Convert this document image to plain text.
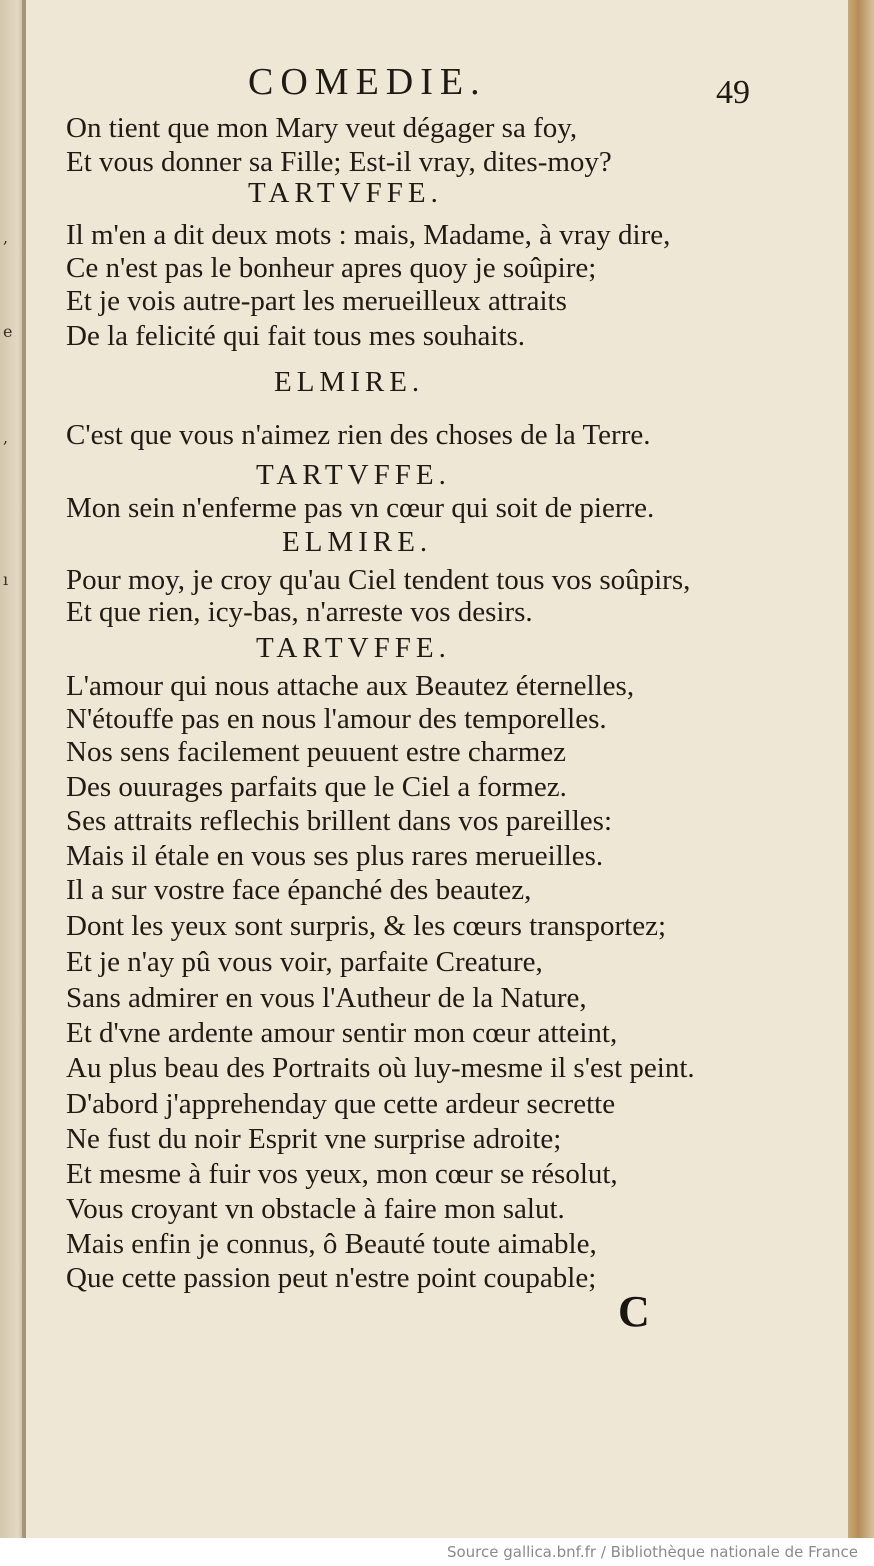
,
e
,
ı
COMEDIE.	49
On tient que mon Mary veut dégager sa foy,
Et vous donner sa Fille; Est-il vray, dites-moy?
TARTVFFE.
Il m'en a dit deux mots : mais, Madame, à vray dire,
Ce n'est pas le bonheur apres quoy je soûpire;
Et je vois autre-part les merueilleux attraits
De la felicité qui fait tous mes souhaits.
ELMIRE.
C'est que vous n'aimez rien des choses de la Terre.
TARTVFFE.
Mon sein n'enferme pas vn cœur qui soit de pierre.
ELMIRE.
Pour moy, je croy qu'au Ciel tendent tous vos soûpirs,
Et que rien, icy-bas, n'arreste vos desirs.
TARTVFFE.
L'amour qui nous attache aux Beautez éternelles,
N'étouffe pas en nous l'amour des temporelles.
Nos sens facilement peuuent estre charmez
Des ouurages parfaits que le Ciel a formez.
Ses attraits reflechis brillent dans vos pareilles:
Mais il étale en vous ses plus rares merueilles.
Il a sur vostre face épanché des beautez,
Dont les yeux sont surpris, & les cœurs transportez;
Et je n'ay pû vous voir, parfaite Creature,
Sans admirer en vous l'Autheur de la Nature,
Et d'vne ardente amour sentir mon cœur atteint,
Au plus beau des Portraits où luy-mesme il s'est peint.
D'abord j'apprehenday que cette ardeur secrette
Ne fust du noir Esprit vne surprise adroite;
Et mesme à fuir vos yeux, mon cœur se résolut,
Vous croyant vn obstacle à faire mon salut.
Mais enfin je connus, ô Beauté toute aimable,
Que cette passion peut n'estre point coupable;
C
Source gallica.bnf.fr / Bibliothèque nationale de France
